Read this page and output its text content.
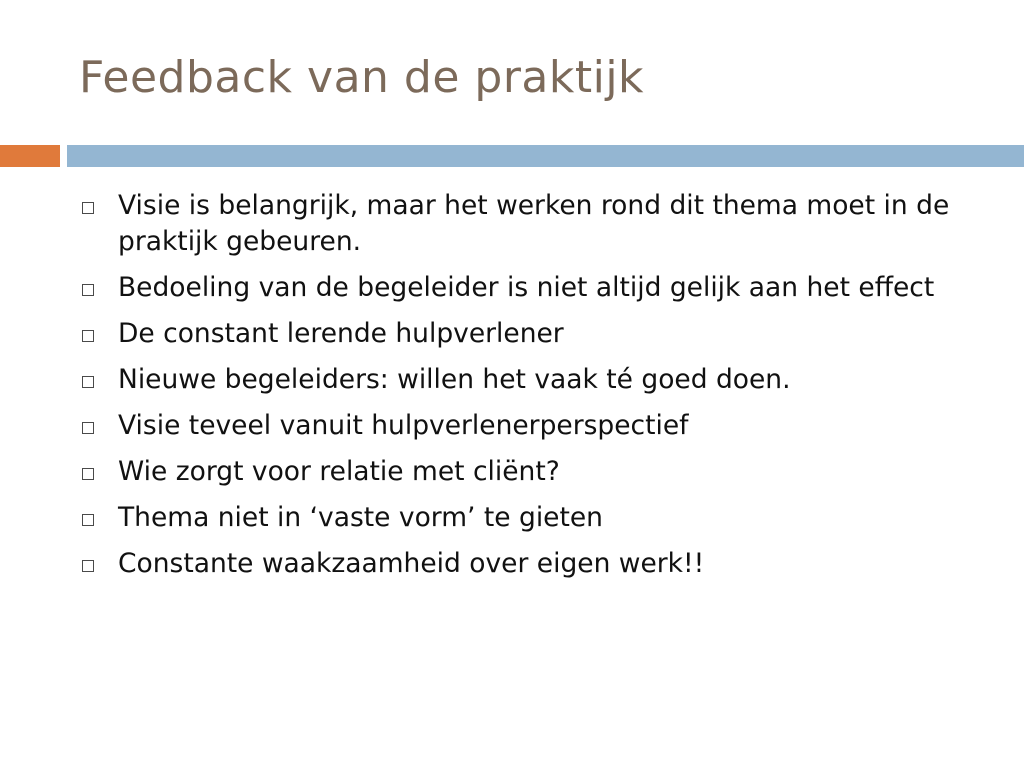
Feedback van de praktijk
Visie is belangrijk, maar het werken rond dit thema moet in de praktijk gebeuren.
Bedoeling van de begeleider is niet altijd gelijk aan het effect
De constant lerende hulpverlener
Nieuwe begeleiders: willen het vaak té goed doen.
Visie teveel vanuit hulpverlenerperspectief
Wie zorgt voor relatie met cliënt?
Thema niet in ‘vaste vorm’ te gieten
Constante waakzaamheid over eigen werk!!
